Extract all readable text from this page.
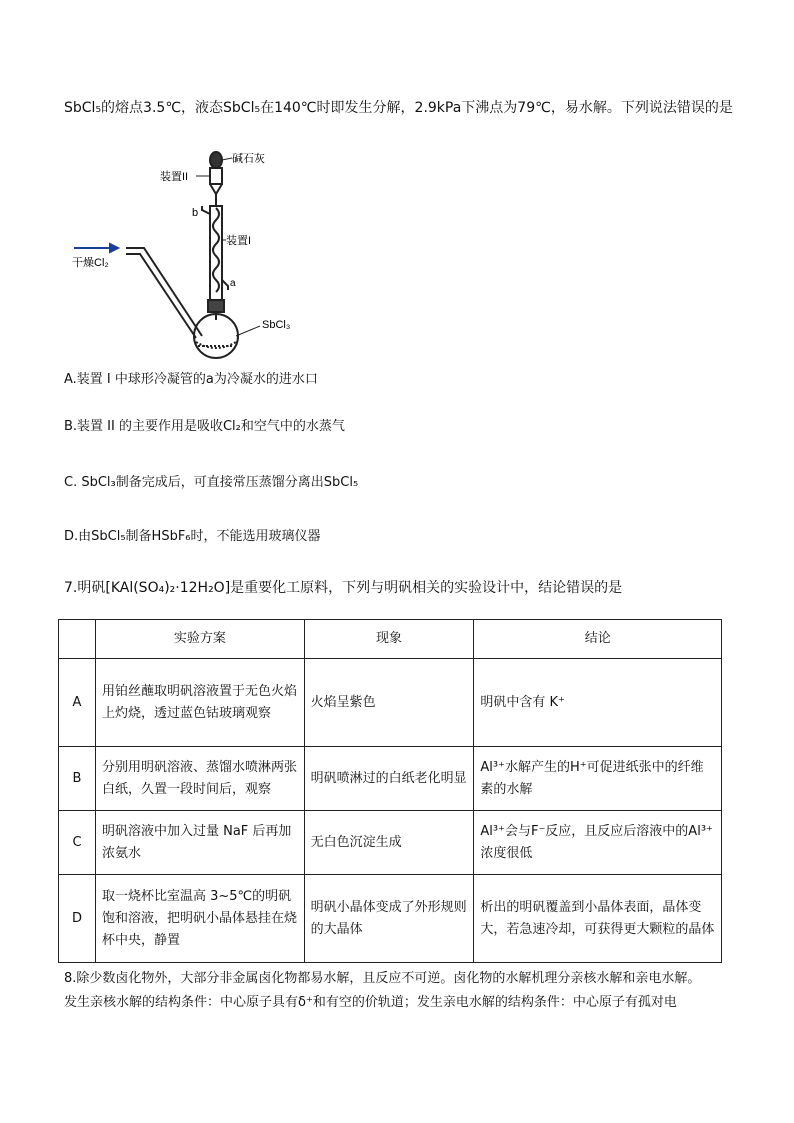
SbCl₅的熔点3.5℃，液态SbCl₅在140℃时即发生分解，2.9kPa下沸点为79℃，易水解。下列说法错误的是
碱石灰
装置II
b
装置I
a
干燥Cl₂
SbCl₃
A.装置 I 中球形冷凝管的a为冷凝水的进水口
B.装置 II 的主要作用是吸收Cl₂和空气中的水蒸气
C. SbCl₃制备完成后，可直接常压蒸馏分离出SbCl₅
D.由SbCl₅制备HSbF₆时，不能选用玻璃仪器
7.明矾[KAl(SO₄)₂·12H₂O]是重要化工原料，下列与明矾相关的实验设计中，结论错误的是
	实验方案	现象	结论
A	用铂丝蘸取明矾溶液置于无色火焰上灼烧，透过蓝色钴玻璃观察	火焰呈紫色	明矾中含有 K⁺
B	分别用明矾溶液、蒸馏水喷淋两张白纸，久置一段时间后，观察	明矾喷淋过的白纸老化明显	Al³⁺水解产生的H⁺可促进纸张中的纤维素的水解
C	明矾溶液中加入过量 NaF 后再加浓氨水	无白色沉淀生成	Al³⁺会与F⁻反应，且反应后溶液中的Al³⁺浓度很低
D	取一烧杯比室温高 3~5℃的明矾饱和溶液，把明矾小晶体悬挂在烧杯中央，静置	明矾小晶体变成了外形规则的大晶体	析出的明矾覆盖到小晶体表面，晶体变大，若急速冷却，可获得更大颗粒的晶体
8.除少数卤化物外，大部分非金属卤化物都易水解，且反应不可逆。卤化物的水解机理分亲核水解和亲电水解。
发生亲核水解的结构条件：中心原子具有δ⁺和有空的价轨道；发生亲电水解的结构条件：中心原子有孤对电
